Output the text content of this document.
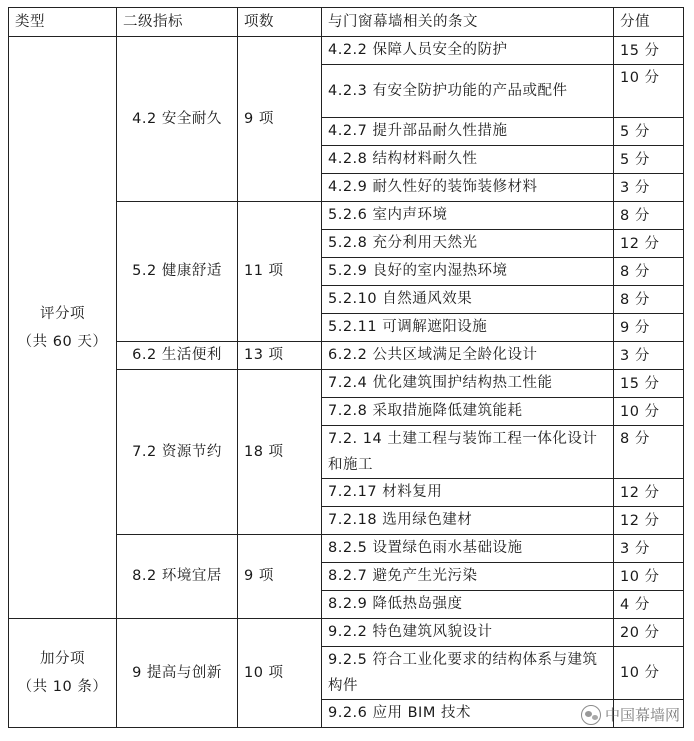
类型	二级指标	项数	与门窗幕墙相关的条文	分值

评分项
（共 60 天）	4.2 安全耐久	9 项	4.2.2 保障人员安全的防护	15 分
			4.2.3 有安全防护功能的产品或配件	10 分
			4.2.7 提升部品耐久性措施	5 分
			4.2.8 结构材料耐久性	5 分
			4.2.9 耐久性好的装饰装修材料	3 分
	5.2 健康舒适	11 项	5.2.6 室内声环境	8 分
			5.2.8 充分利用天然光	12 分
			5.2.9 良好的室内湿热环境	8 分
			5.2.10 自然通风效果	8 分
			5.2.11 可调解遮阳设施	9 分
	6.2 生活便利	13 项	6.2.2 公共区域满足全龄化设计	3 分
	7.2 资源节约	18 项	7.2.4 优化建筑围护结构热工性能	15 分
			7.2.8 采取措施降低建筑能耗	10 分
			7.2. 14 土建工程与装饰工程一体化设计和施工	8 分
			7.2.17 材料复用	12 分
			7.2.18 选用绿色建材	12 分
	8.2 环境宜居	9 项	8.2.5 设置绿色雨水基础设施	3 分
			8.2.7 避免产生光污染	10 分
			8.2.9 降低热岛强度	4 分

加分项
（共 10 条）	9 提高与创新	10 项	9.2.2 特色建筑风貌设计	20 分
			9.2.5 符合工业化要求的结构体系与建筑构件	10 分
			9.2.6 应用 BIM 技术		中国幕墙网
